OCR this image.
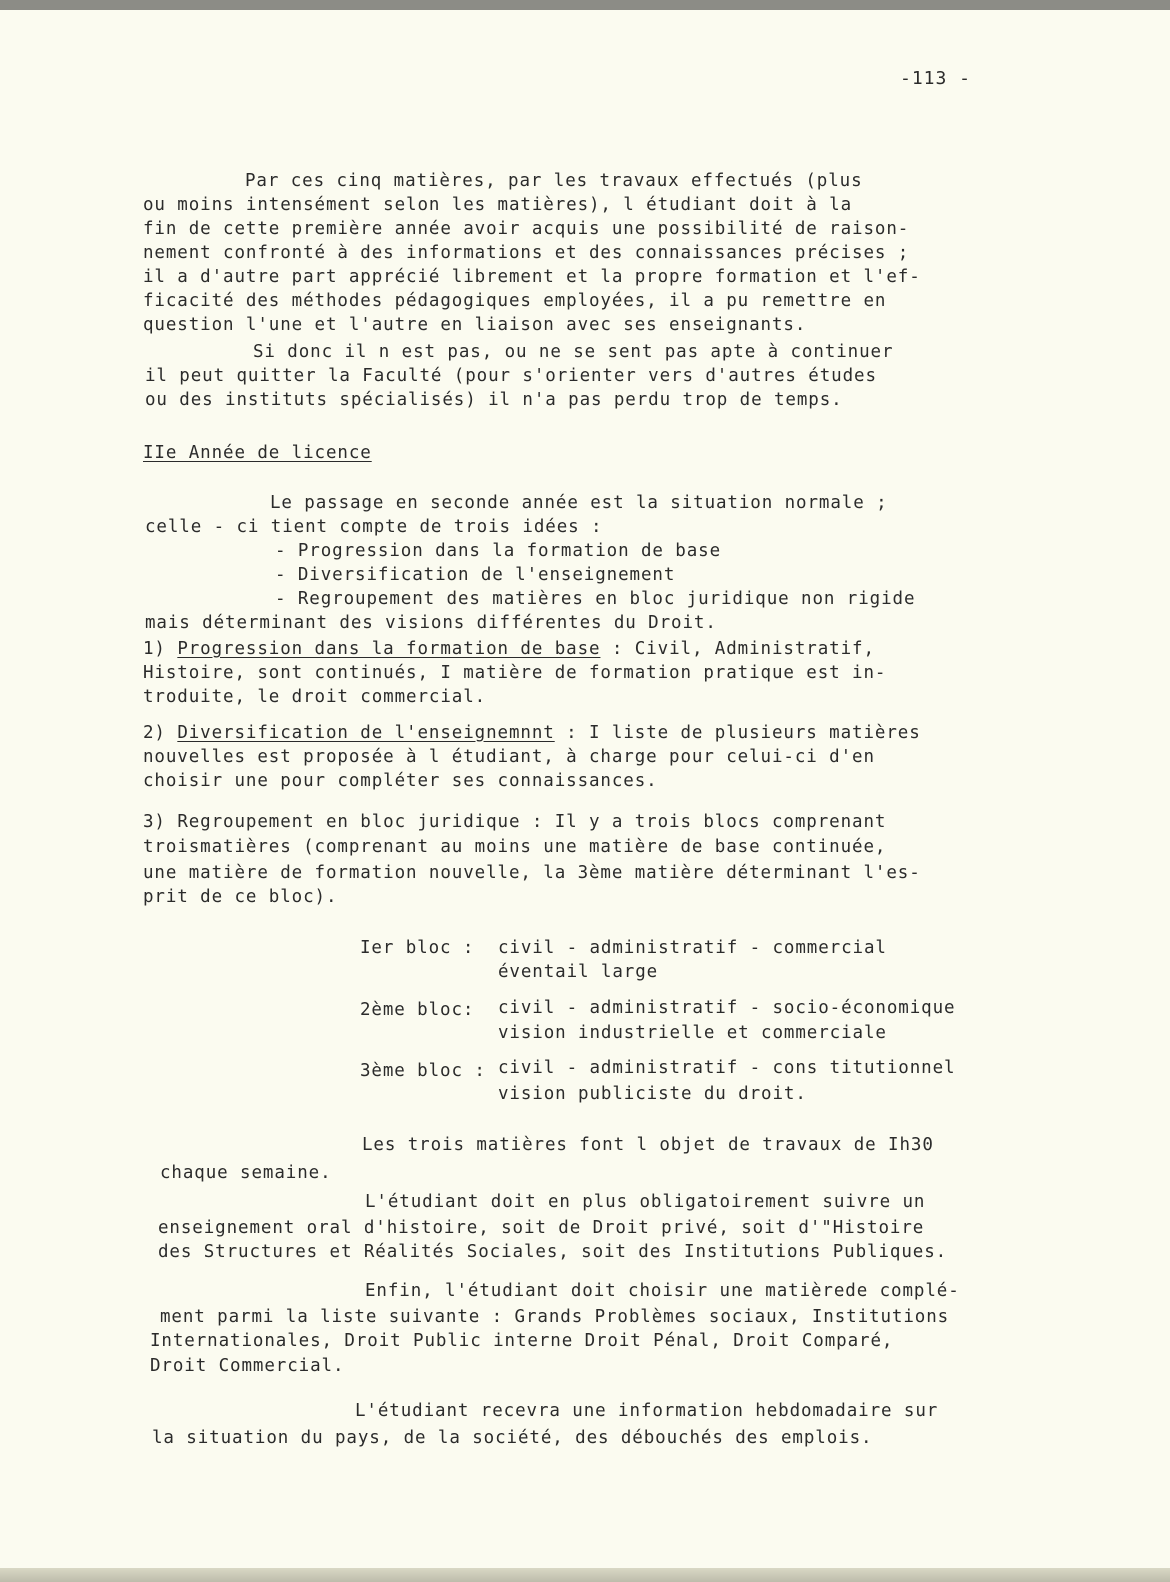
-113 -
Par ces cinq matières, par les travaux effectués (plus
ou moins intensément selon les matières), l étudiant doit à la
fin de cette première année avoir acquis une possibilité de raison-
nement confronté à des informations et des connaissances précises ;
il a d'autre part apprécié librement et la propre formation et l'ef-
ficacité des méthodes pédagogiques employées, il a pu remettre en
question l'une et l'autre en liaison avec ses enseignants.
Si donc il n est pas, ou ne se sent pas apte à continuer
il peut quitter la Faculté (pour s'orienter vers d'autres études
ou des instituts spécialisés) il n'a pas perdu trop de temps.
IIe Année de licence
Le passage en seconde année est la situation normale ;
celle - ci tient compte de trois idées :
- Progression dans la formation de base
- Diversification de l'enseignement
- Regroupement des matières en bloc juridique non rigide
mais déterminant des visions différentes du Droit.
1) Progression dans la formation de base : Civil, Administratif,
Histoire, sont continués, I matière de formation pratique est in-
troduite, le droit commercial.
2) Diversification de l'enseignemnnt : I liste de plusieurs matières
nouvelles est proposée à l étudiant, à charge pour celui-ci d'en
choisir une pour compléter ses connaissances.
3) Regroupement en bloc juridique : Il y a trois blocs comprenant
troismatières (comprenant au moins une matière de base continuée,
une matière de formation nouvelle, la 3ème matière déterminant l'es-
prit de ce bloc).
Ier bloc : civil - administratif - commercial
éventail large
2ème bloc: civil - administratif - socio-économique
vision industrielle et commerciale
3ème bloc : civil - administratif - cons titutionnel
vision publiciste du droit.
Les trois matières font l objet de travaux de Ih30
chaque semaine.
L'étudiant doit en plus obligatoirement suivre un
enseignement oral d'histoire, soit de Droit privé, soit d'"Histoire
des Structures et Réalités Sociales, soit des Institutions Publiques.
Enfin, l'étudiant doit choisir une matièrede complé-
ment parmi la liste suivante : Grands Problèmes sociaux, Institutions
Internationales, Droit Public interne Droit Pénal, Droit Comparé,
Droit Commercial.
L'étudiant recevra une information hebdomadaire sur
la situation du pays, de la société, des débouchés des emplois.
